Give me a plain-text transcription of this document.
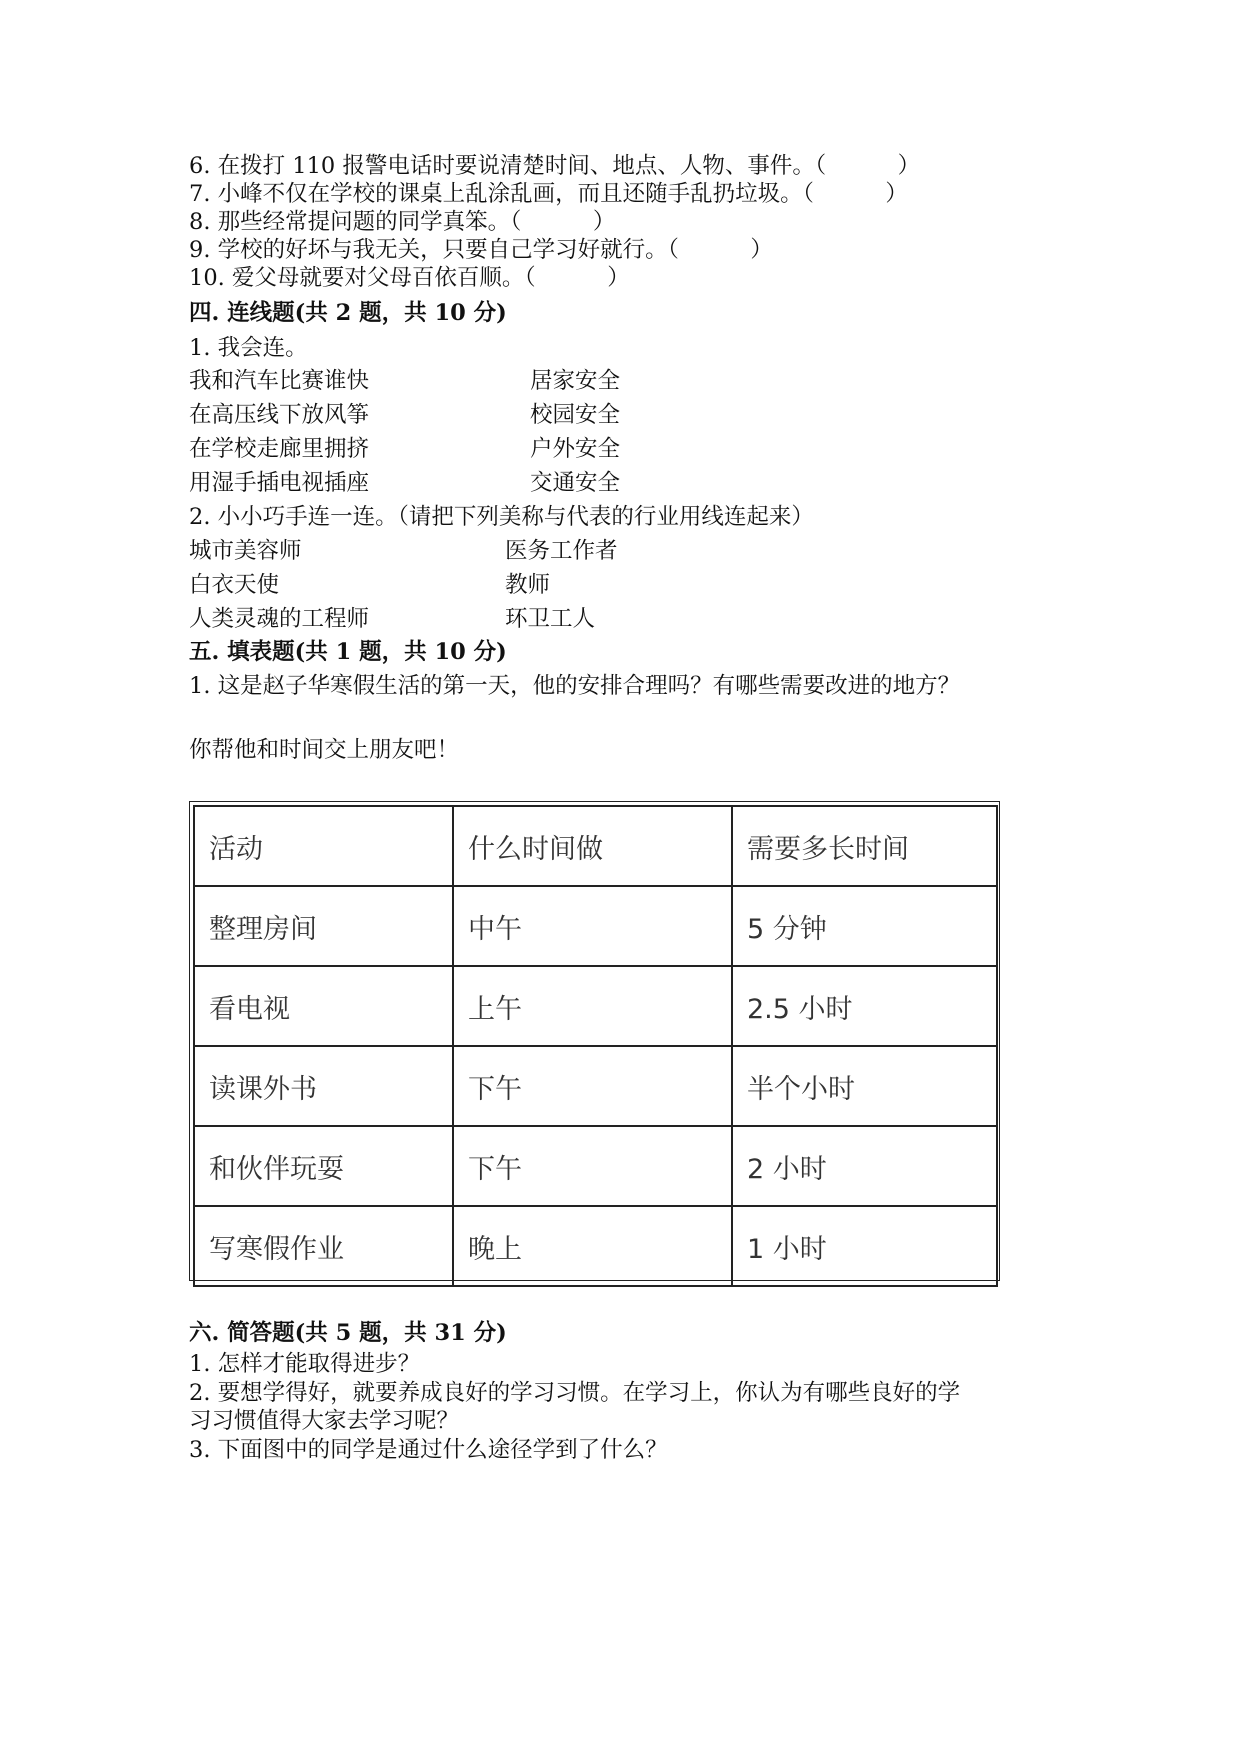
6. 在拨打 110 报警电话时要说清楚时间、地点、人物、事件。（          ）
7. 小峰不仅在学校的课桌上乱涂乱画，而且还随手乱扔垃圾。（          ）
8. 那些经常提问题的同学真笨。（          ）
9. 学校的好坏与我无关，只要自己学习好就行。（          ）
10. 爱父母就要对父母百依百顺。（          ）
四. 连线题(共 2 题，共 10 分)
1. 我会连。
我和汽车比赛谁快	居家安全
在高压线下放风筝	校园安全
在学校走廊里拥挤	户外安全
用湿手插电视插座	交通安全
2. 小小巧手连一连。（请把下列美称与代表的行业用线连起来）
城市美容师	医务工作者
白衣天使	教师
人类灵魂的工程师	环卫工人
五. 填表题(共 1 题，共 10 分)
1. 这是赵子华寒假生活的第一天，他的安排合理吗？有哪些需要改进的地方？
你帮他和时间交上朋友吧！
活动	什么时间做	需要多长时间
整理房间	中午	5 分钟
看电视	上午	2.5 小时
读课外书	下午	半个小时
和伙伴玩耍	下午	2 小时
写寒假作业	晚上	1 小时
六. 简答题(共 5 题，共 31 分)
1. 怎样才能取得进步？
2. 要想学得好，就要养成良好的学习习惯。在学习上，你认为有哪些良好的学
习习惯值得大家去学习呢？
3. 下面图中的同学是通过什么途径学到了什么？
